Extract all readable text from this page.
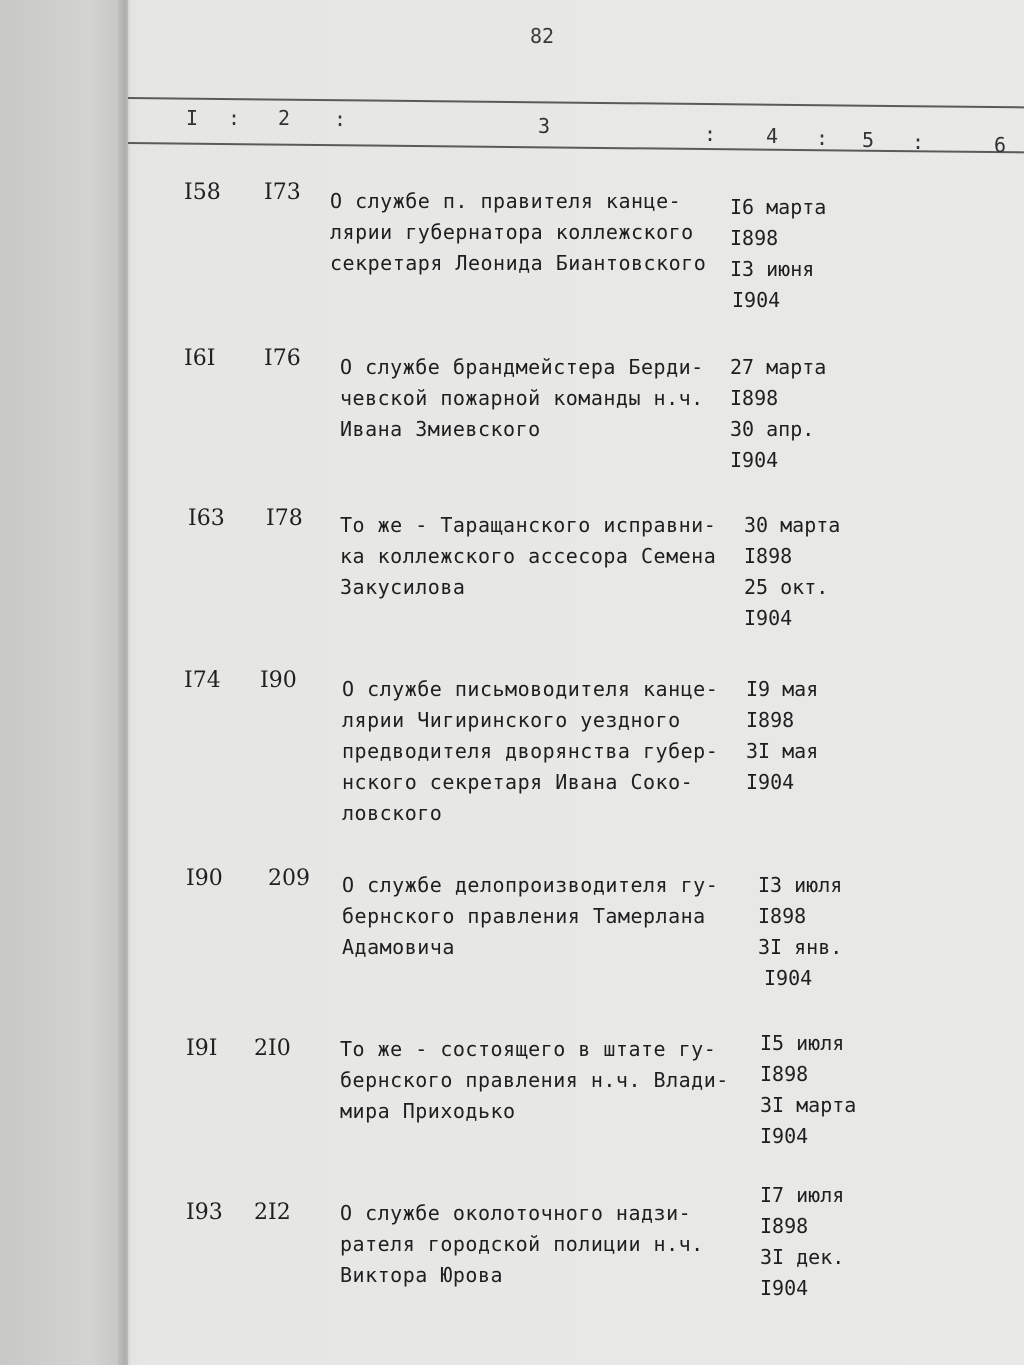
82
I : 2 :	3	: 4 : 5 :	6
I58 I73 О службе п. правителя канце-
лярии губернатора коллежского
секретаря Леонида Биантовского
I6 марта
I898
I3 июня
I904
I6I I76 О службе брандмейстера Берди-
чевской пожарной команды н.ч.
Ивана Змиевского
27 марта
I898
30 апр.
I904
I63 I78 То же - Таращанского исправни-
ка коллежского ассесора Семена
Закусилова
30 марта
I898
25 окт.
I904
I74 I90 О службе письмоводителя канце-
лярии Чигиринского уездного
предводителя дворянства губер-
нского секретаря Ивана Соко-
ловского
I9 мая
I898
3I мая
I904
I90 209 О службе делопроизводителя гу-
бернского правления Тамерлана
Адамовича
I3 июля
I898
3I янв.
I904
I9I 2I0 То же - состоящего в штате гу-
бернского правления н.ч. Влади-
мира Приходько
I5 июля
I898
3I марта
I904
I93 2I2 О службе околоточного надзи-
рателя городской полиции н.ч.
Виктора Юрова
I7 июля
I898
3I дек.
I904
